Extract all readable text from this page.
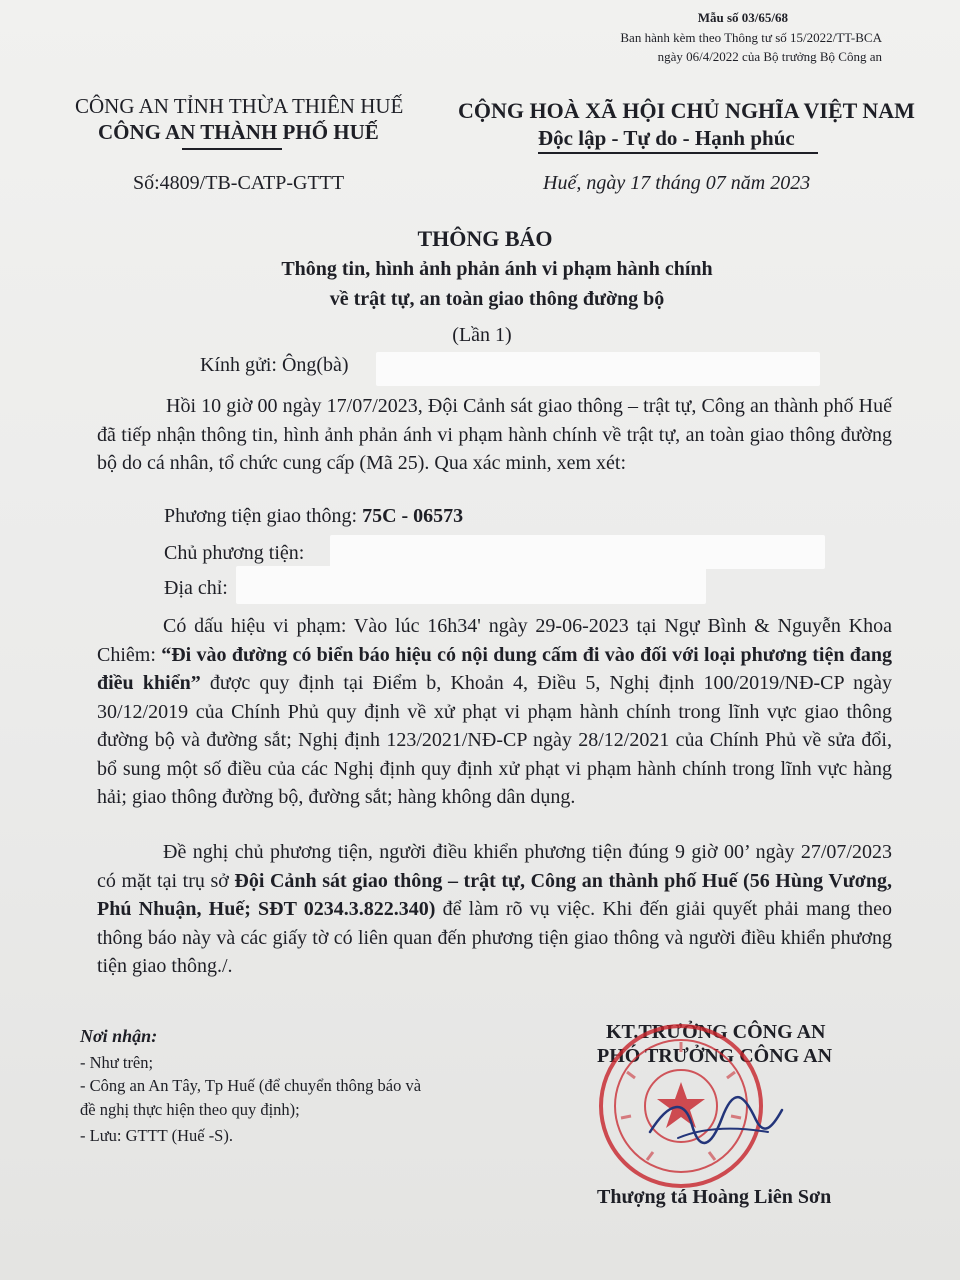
Mẫu số 03/65/68
Ban hành kèm theo Thông tư số 15/2022/TT-BCA
ngày 06/4/2022 của Bộ trưởng Bộ Công an
CÔNG AN TỈNH THỪA THIÊN HUẾ
CÔNG AN THÀNH PHỐ HUẾ
Số:4809/TB-CATP-GTTT
CỘNG HOÀ XÃ HỘI CHỦ NGHĨA VIỆT NAM
Độc lập - Tự do - Hạnh phúc
Huế, ngày 17 tháng 07 năm 2023
THÔNG BÁO
Thông tin, hình ảnh phản ánh vi phạm hành chính
về trật tự, an toàn giao thông đường bộ
(Lần 1)
Kính gửi: Ông(bà)
Hồi 10 giờ 00 ngày 17/07/2023, Đội Cảnh sát giao thông – trật tự, Công an thành phố Huế đã tiếp nhận thông tin, hình ảnh phản ánh vi phạm hành chính về trật tự, an toàn giao thông đường bộ do cá nhân, tổ chức cung cấp (Mã 25). Qua xác minh, xem xét:
Phương tiện giao thông: 75C - 06573
Chủ phương tiện:
Địa chỉ:
Có dấu hiệu vi phạm: Vào lúc 16h34' ngày 29-06-2023 tại Ngự Bình & Nguyễn Khoa Chiêm: “Đi vào đường có biển báo hiệu có nội dung cấm đi vào đối với loại phương tiện đang điều khiển” được quy định tại Điểm b, Khoản 4, Điều 5, Nghị định 100/2019/NĐ-CP ngày 30/12/2019 của Chính Phủ quy định về xử phạt vi phạm hành chính trong lĩnh vực giao thông đường bộ và đường sắt; Nghị định 123/2021/NĐ-CP ngày 28/12/2021 của Chính Phủ về sửa đổi, bổ sung một số điều của các Nghị định quy định xử phạt vi phạm hành chính trong lĩnh vực hàng hải; giao thông đường bộ, đường sắt; hàng không dân dụng.
Đề nghị chủ phương tiện, người điều khiển phương tiện đúng 9 giờ 00’ ngày 27/07/2023 có mặt tại trụ sở Đội Cảnh sát giao thông – trật tự, Công an thành phố Huế (56 Hùng Vương, Phú Nhuận, Huế; SĐT 0234.3.822.340) để làm rõ vụ việc. Khi đến giải quyết phải mang theo thông báo này và các giấy tờ có liên quan đến phương tiện giao thông và người điều khiển phương tiện giao thông./.
Nơi nhận:
- Như trên;
- Công an An Tây, Tp Huế (để chuyển thông báo và
đề nghị thực hiện theo quy định);
- Lưu: GTTT (Huế -S).
KT.TRƯỞNG CÔNG AN
PHÓ TRƯỞNG CÔNG AN
Thượng tá Hoàng Liên Sơn
